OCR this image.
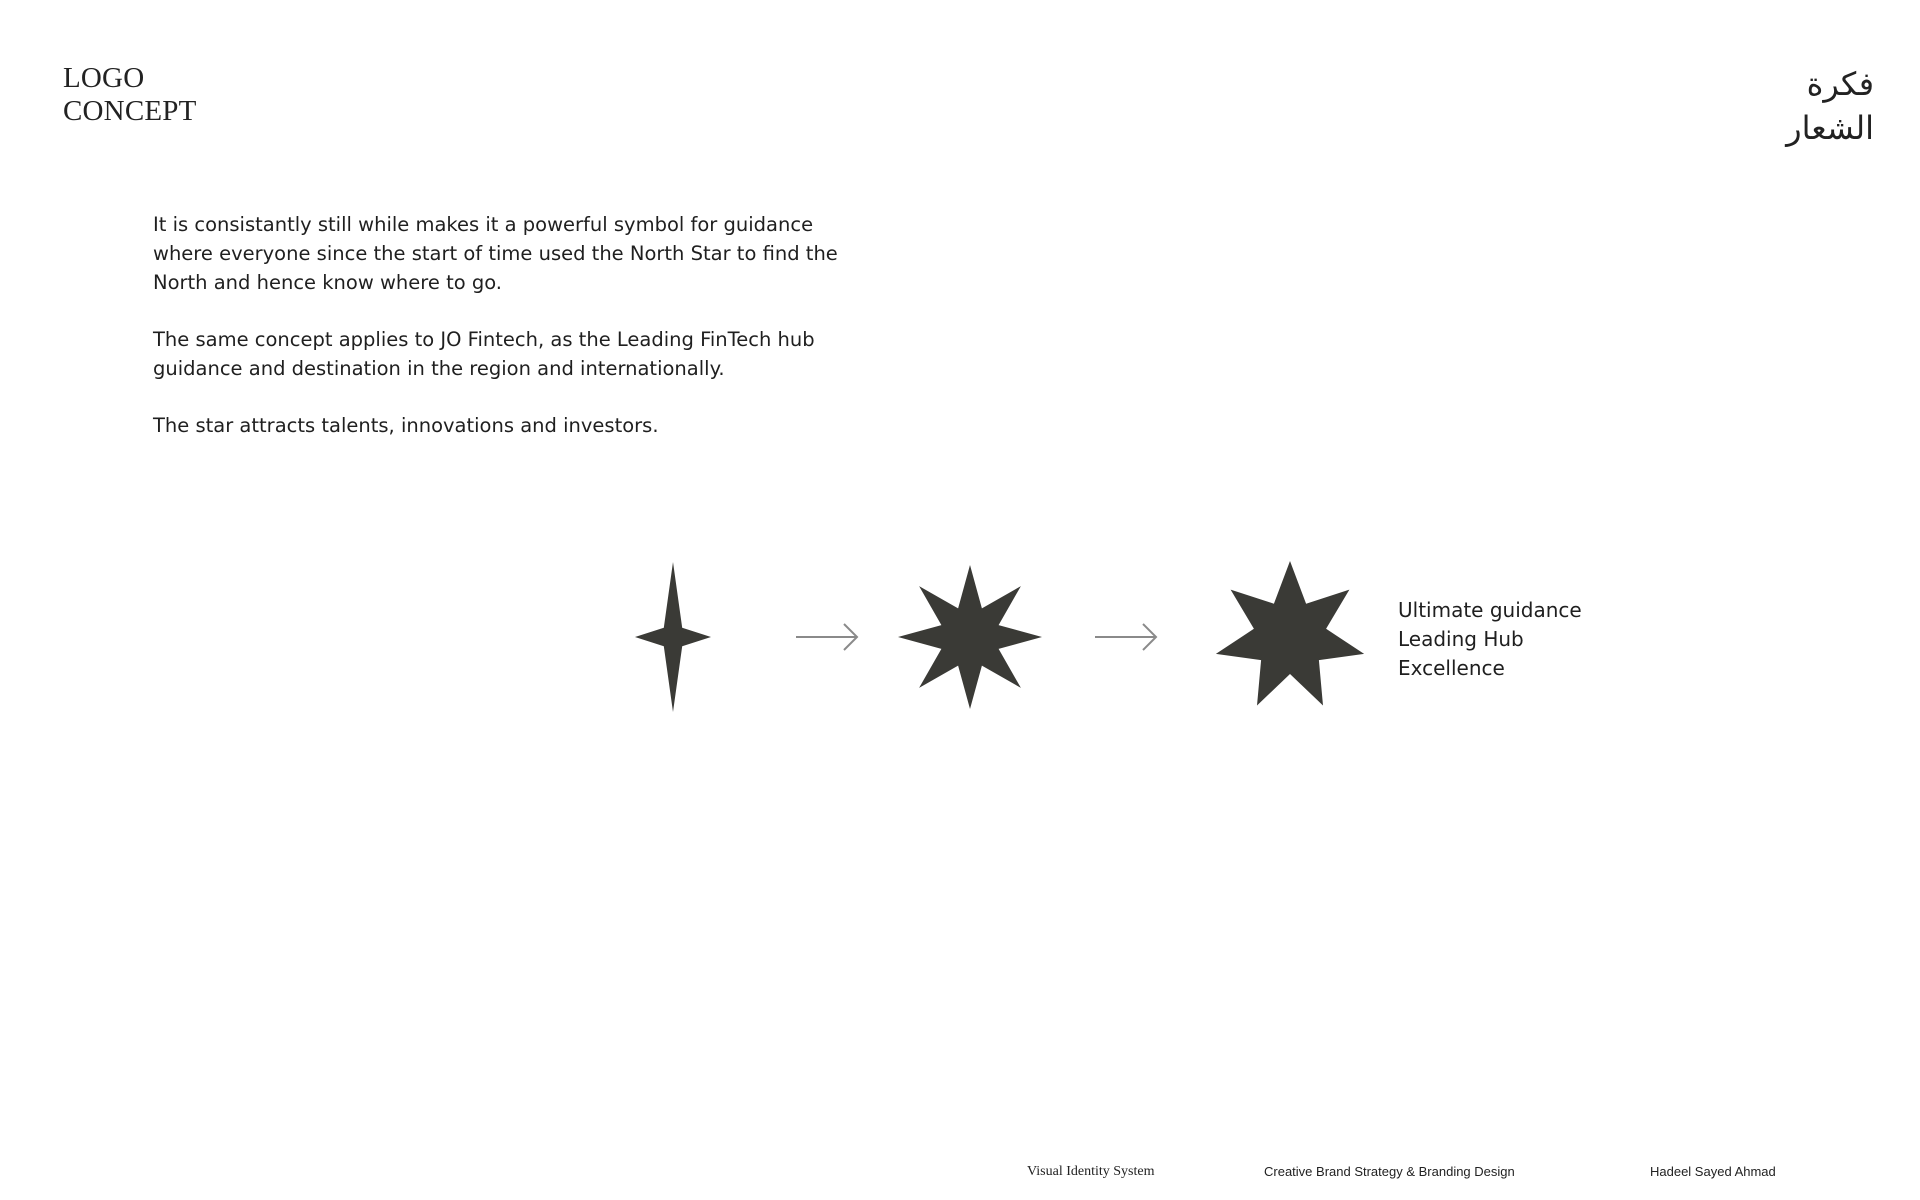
LOGO
CONCEPT
فكرة
الشعار

It is consistantly still while makes it a powerful symbol for guidance
where everyone since the start of time used the North Star to find the
North and hence know where to go.

The same concept applies to JO Fintech, as the Leading FinTech hub
guidance and destination in the region and internationally.

The star attracts talents, innovations and investors.

Ultimate guidance
Leading Hub
Excellence
Visual Identity System	Creative Brand Strategy & Branding Design	Hadeel Sayed Ahmad
